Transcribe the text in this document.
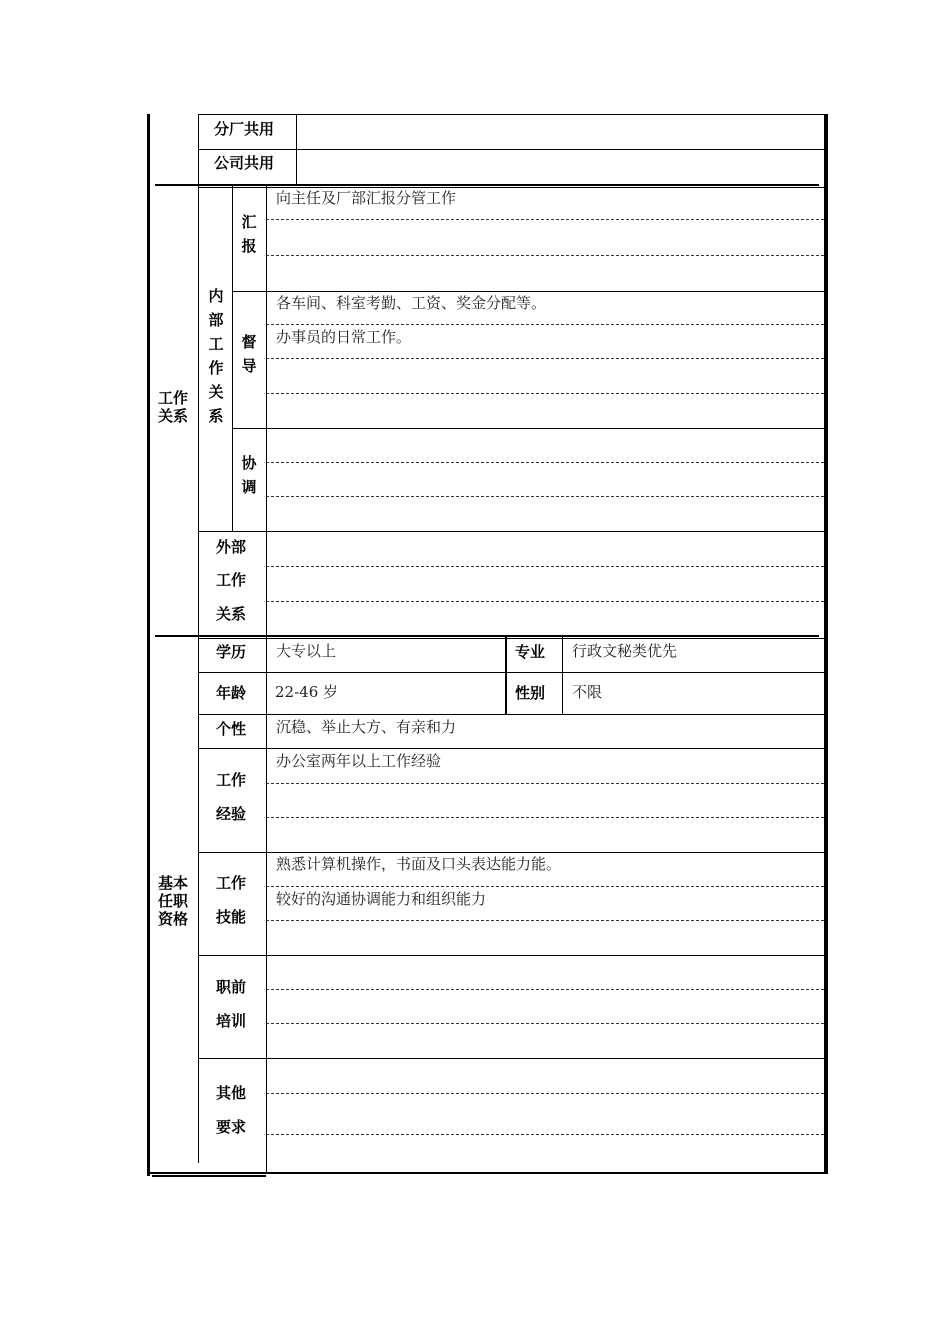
分厂共用
公司共用
工作关系
内部工作关系
汇报
向主任及厂部汇报分管工作
督导
各车间、科室考勤、工资、奖金分配等。
办事员的日常工作。
协调
外部
工作
关系
基本任职资格
学历 大专以上	专业 行政文秘类优先
年龄 22-46 岁	性别 不限
个性 沉稳、举止大方、有亲和力
工作
经验
办公室两年以上工作经验
工作
技能
熟悉计算机操作，书面及口头表达能力能。
较好的沟通协调能力和组织能力
职前
培训
其他
要求
